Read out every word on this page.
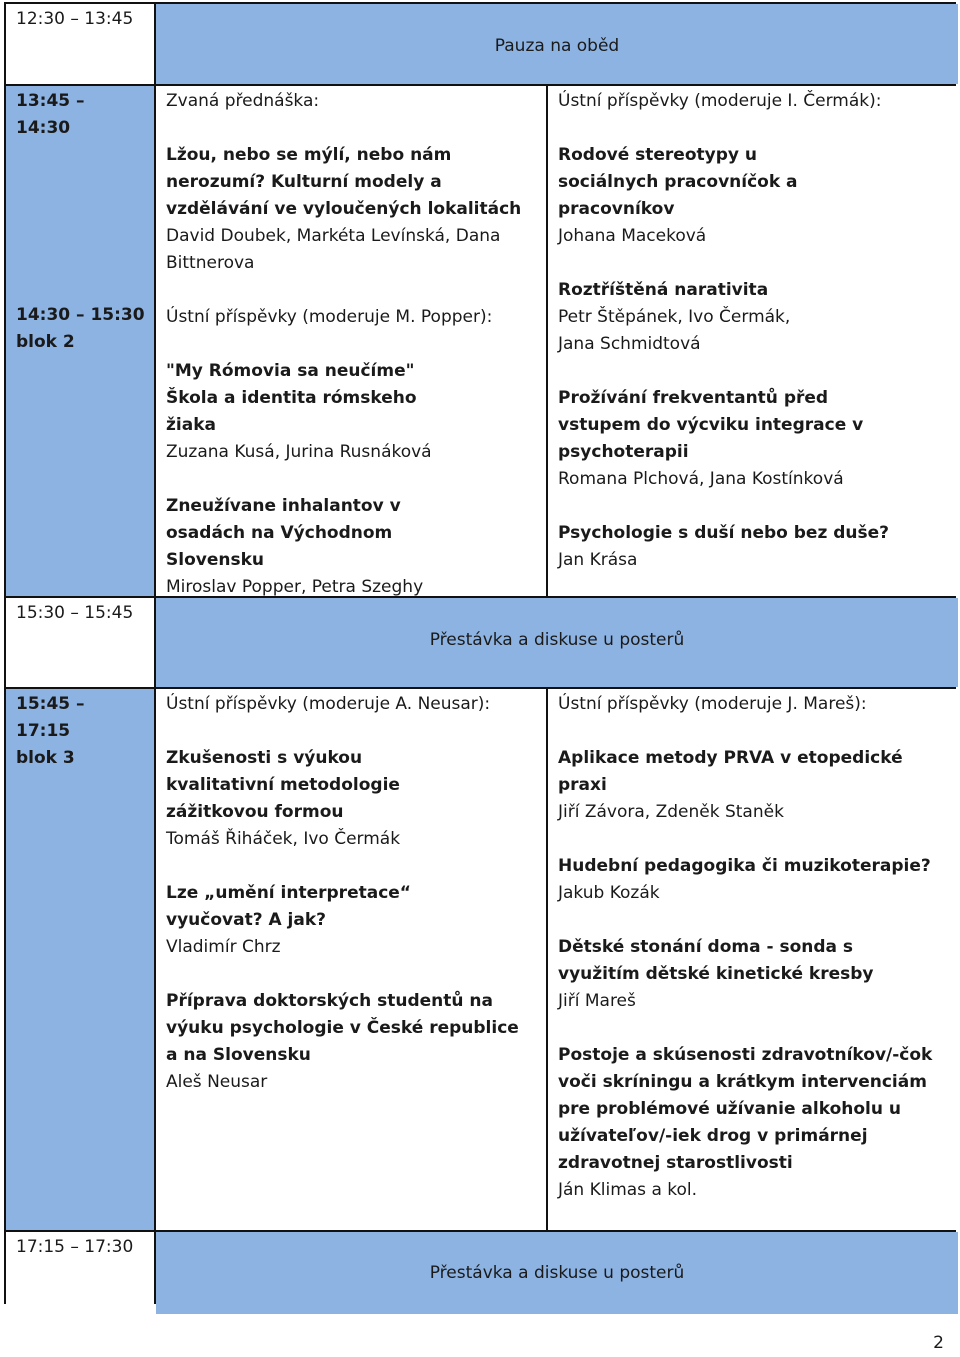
12:30 – 13:45
Pauza na oběd
13:45 – 14:30
14:30 – 15:30
blok 2
Zvaná přednáška:
Lžou, nebo se mýlí, nebo nám nerozumí? Kulturní modely a vzdělávání ve vyloučených lokalitách
David Doubek, Markéta Levínská, Dana Bittnerova
Ústní příspěvky (moderuje M. Popper):
"My Rómovia sa neučíme" Škola a identita rómskeho žiaka
Zuzana Kusá, Jurina Rusnáková
Zneužívane inhalantov v osadách na Východnom Slovensku
Miroslav Popper, Petra Szeghy
Ústní příspěvky (moderuje I. Čermák):
Rodové stereotypy u sociálnych pracovníčok a pracovníkov
Johana Maceková
Roztříštěná narativita
Petr Štěpánek, Ivo Čermák, Jana Schmidtová
Prožívání frekventantů před vstupem do výcviku integrace v psychoterapii
Romana Plchová, Jana Kostínková
Psychologie s duší nebo bez duše?
Jan Krása
15:30 – 15:45
Přestávka a diskuse u posterů
15:45 – 17:15
blok 3
Ústní příspěvky (moderuje A. Neusar):
Zkušenosti s výukou kvalitativní metodologie zážitkovou formou
Tomáš Řiháček, Ivo Čermák
Lze „umění interpretace“ vyučovat? A jak?
Vladimír Chrz
Příprava doktorských studentů na výuku psychologie v České republice a na Slovensku
Aleš Neusar
Ústní příspěvky (moderuje J. Mareš):
Aplikace metody PRVA v etopedické praxi
Jiří Závora, Zdeněk Staněk
Hudební pedagogika či muzikoterapie?
Jakub Kozák
Dětské stonání doma - sonda s využitím dětské kinetické kresby
Jiří Mareš
Postoje a skúsenosti zdravotníkov/-čok voči skríningu a krátkym intervenciám pre problémové užívanie alkoholu u užívateľov/-iek drog v primárnej zdravotnej starostlivosti
Ján Klimas a kol.
17:15 – 17:30
Přestávka a diskuse u posterů
2
